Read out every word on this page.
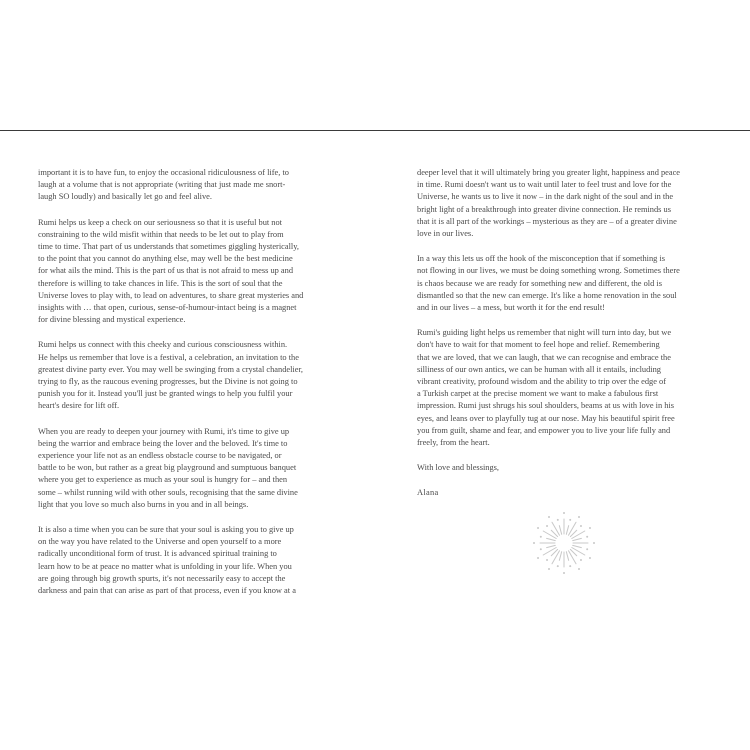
important it is to have fun, to enjoy the occasional ridiculousness of life, to
laugh at a volume that is not appropriate (writing that just made me snort-
laugh SO loudly) and basically let go and feel alive.

Rumi helps us keep a check on our seriousness so that it is useful but not
constraining to the wild misfit within that needs to be let out to play from
time to time. That part of us understands that sometimes giggling hysterically,
to the point that you cannot do anything else, may well be the best medicine
for what ails the mind. This is the part of us that is not afraid to mess up and
therefore is willing to take chances in life. This is the sort of soul that the
Universe loves to play with, to lead on adventures, to share great mysteries and
insights with … that open, curious, sense-of-humour-intact being is a magnet
for divine blessing and mystical experience.

Rumi helps us connect with this cheeky and curious consciousness within.
He helps us remember that love is a festival, a celebration, an invitation to the
greatest divine party ever. You may well be swinging from a crystal chandelier,
trying to fly, as the raucous evening progresses, but the Divine is not going to
punish you for it. Instead you'll just be granted wings to help you fulfil your
heart's desire for lift off.

When you are ready to deepen your journey with Rumi, it's time to give up
being the warrior and embrace being the lover and the beloved. It's time to
experience your life not as an endless obstacle course to be navigated, or
battle to be won, but rather as a great big playground and sumptuous banquet
where you get to experience as much as your soul is hungry for – and then
some – whilst running wild with other souls, recognising that the same divine
light that you love so much also burns in you and in all beings.

It is also a time when you can be sure that your soul is asking you to give up
on the way you have related to the Universe and open yourself to a more
radically unconditional form of trust. It is advanced spiritual training to
learn how to be at peace no matter what is unfolding in your life. When you
are going through big growth spurts, it's not necessarily easy to accept the
darkness and pain that can arise as part of that process, even if you know at a

deeper level that it will ultimately bring you greater light, happiness and peace
in time. Rumi doesn't want us to wait until later to feel trust and love for the
Universe, he wants us to live it now – in the dark night of the soul and in the
bright light of a breakthrough into greater divine connection. He reminds us
that it is all part of the workings – mysterious as they are – of a greater divine
love in our lives.

In a way this lets us off the hook of the misconception that if something is
not flowing in our lives, we must be doing something wrong. Sometimes there
is chaos because we are ready for something new and different, the old is
dismantled so that the new can emerge. It's like a home renovation in the soul
and in our lives – a mess, but worth it for the end result!

Rumi's guiding light helps us remember that night will turn into day, but we
don't have to wait for that moment to feel hope and relief. Remembering
that we are loved, that we can laugh, that we can recognise and embrace the
silliness of our own antics, we can be human with all it entails, including
vibrant creativity, profound wisdom and the ability to trip over the edge of
a Turkish carpet at the precise moment we want to make a fabulous first
impression. Rumi just shrugs his soul shoulders, beams at us with love in his
eyes, and leans over to playfully tug at our nose. May his beautiful spirit free
you from guilt, shame and fear, and empower you to live your life fully and
freely, from the heart.

With love and blessings,

Alana
